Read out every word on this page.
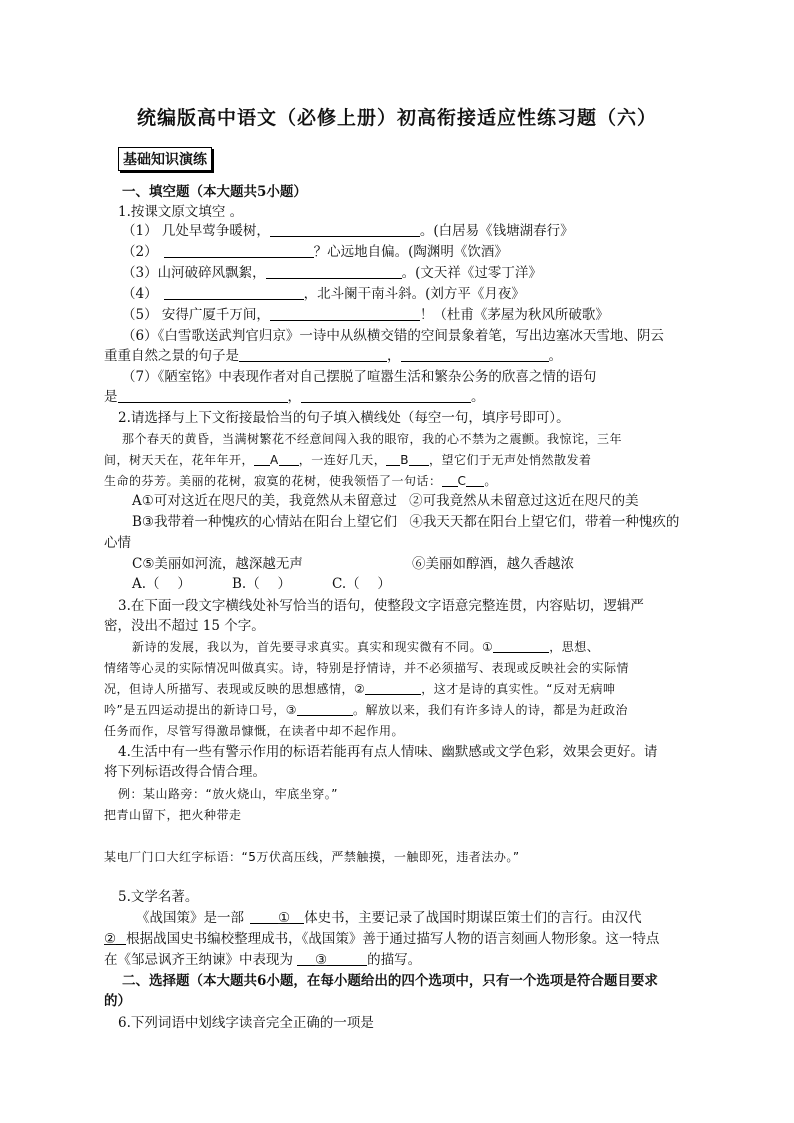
统编版高中语文（必修上册）初高衔接适应性练习题（六）
基础知识演练
一、填空题（本大题共5小题）
1.按课文原文填空 。
（1） 几处早莺争暖树，	。(白居易《钱塘湖春行》
（2）	？心远地自偏。(陶渊明《饮酒》
（3）山河破碎风飘絮，	。(文天祥《过零丁洋》
（4）	，北斗阑干南斗斜。(刘方平《月夜》
（5） 安得广厦千万间，	！（杜甫《茅屋为秋风所破歌》
（6）《白雪歌送武判官归京》一诗中从纵横交错的空间景象着笔，写出边塞冰天雪地、阴云
重重自然之景的句子是	，	。
（7）《陋室铭》中表现作者对自己摆脱了喧嚣生活和繁杂公务的欣喜之情的语句
是	，	。
2.请选择与上下文衔接最恰当的句子填入横线处（每空一句，填序号即可）。
那个春天的黄昏，当满树繁花不经意间闯入我的眼帘，我的心不禁为之震颤。我惊诧，三年
间，树天天在，花年年开， A ，一连好几天， B ，望它们于无声处悄然散发着
生命的芬芳。美丽的花树，寂寞的花树，使我领悟了一句话： C 。
A①可对这近在咫尺的美，我竟然从未留意过 ②可我竟然从未留意过这近在咫尺的美
B③我带着一种愧疚的心情站在阳台上望它们 ④我天天都在阳台上望它们，带着一种愧疚的
心情
C⑤美丽如河流，越深越无声	⑥美丽如醇酒，越久香越浓
A.（　 ）	B.（　 ）	C.（　 ）
3.在下面一段文字横线处补写恰当的语句，使整段文字语意完整连贯，内容贴切，逻辑严
密，没出不超过 15 个字。
新诗的发展，我以为，首先要寻求真实。真实和现实微有不同。①	，思想、
情绪等心灵的实际情况叫做真实。诗，特别是抒情诗，并不必须描写、表现或反映社会的实际情
况，但诗人所描写、表现或反映的思想感情，②	，这才是诗的真实性。“反对无病呻
吟”是五四运动提出的新诗口号，③	。解放以来，我们有许多诗人的诗，都是为赶政治
任务而作，尽管写得激昂慷慨，在读者中却不起作用。
4.生活中有一些有警示作用的标语若能再有点人情味、幽默感或文学色彩，效果会更好。请
将下列标语改得合情合理。
例：某山路旁：“放火烧山，牢底坐穿。”
把青山留下，把火种带走
某电厂门口大红字标语：“5万伏高压线，严禁触摸，一触即死，违者法办。”
5.文学名著。
《战国策》是一部	① 体史书，主要记录了战国时期谋臣策士们的言行。由汉代
② 根据战国史书编校整理成书，《战国策》善于通过描写人物的语言刻画人物形象。这一特点
在《邹忌讽齐王纳谏》中表现为 ③	的描写。
二、选择题（本大题共6小题，在每小题给出的四个选项中，只有一个选项是符合题目要求
的）
6.下列词语中划线字读音完全正确的一项是
